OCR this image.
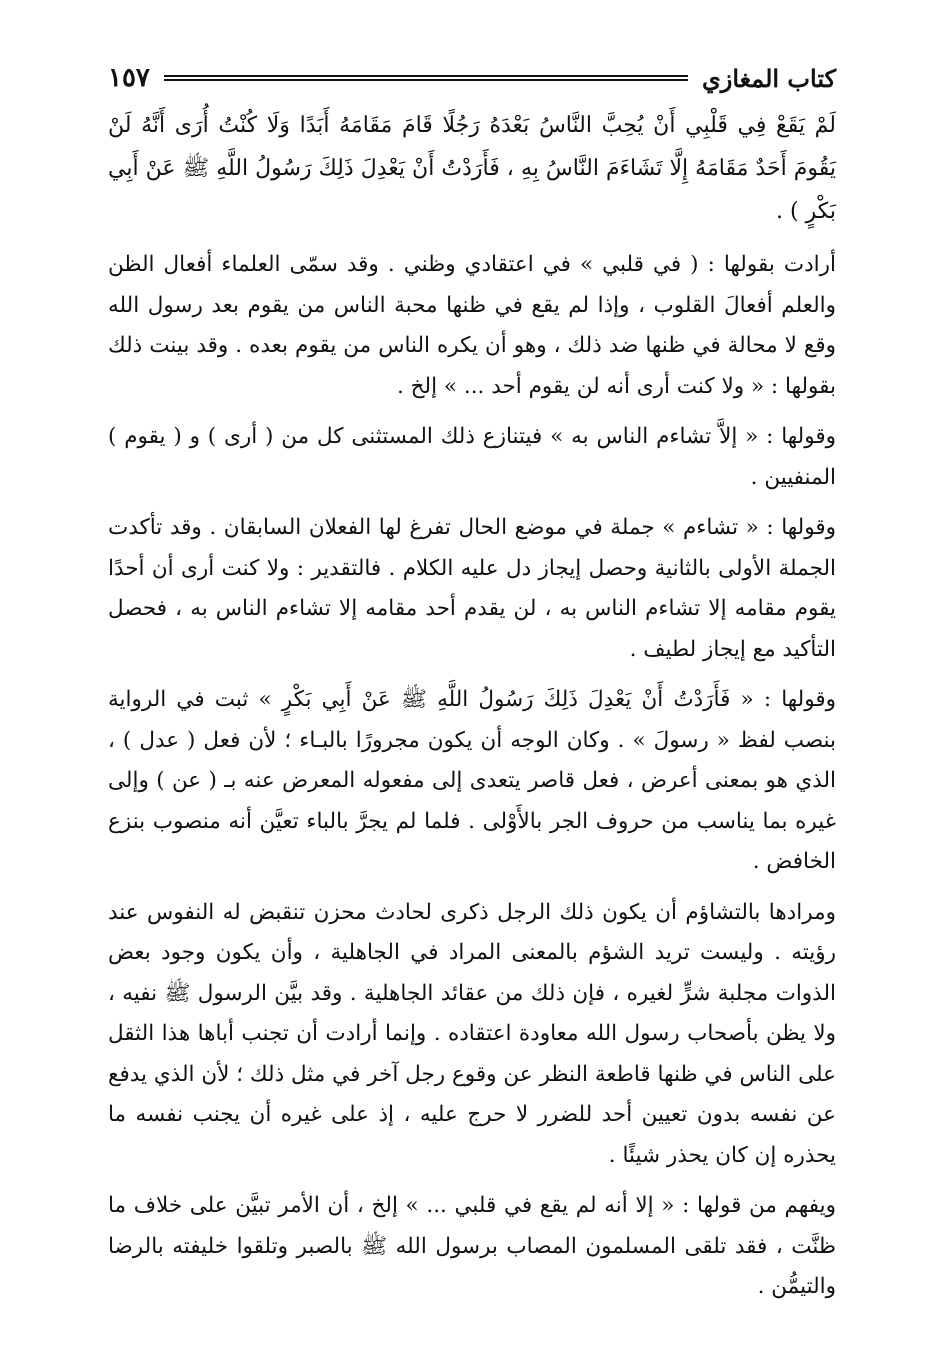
كتاب المغازي
١٥٧

لَمْ يَقَعْ فِي قَلْبِي أَنْ يُحِبَّ النَّاسُ بَعْدَهُ رَجُلًا قَامَ مَقَامَهُ أَبَدًا وَلَا كُنْتُ أُرَى أَنَّهُ لَنْ يَقُومَ أَحَدٌ مَقَامَهُ إِلَّا تَشَاءَمَ النَّاسُ بِهِ ، فَأَرَدْتُ أَنْ يَعْدِلَ ذَلِكَ رَسُولُ اللَّهِ ﷺ عَنْ أَبِي بَكْرٍ ) .

أرادت بقولها : ( في قلبي » في اعتقادي وظني . وقد سمّى العلماء أفعال الظن والعلم أفعالَ القلوب ، وإذا لم يقع في ظنها محبة الناس من يقوم بعد رسول الله وقع لا محالة في ظنها ضد ذلك ، وهو أن يكره الناس من يقوم بعده . وقد بينت ذلك بقولها : « ولا كنت أرى أنه لن يقوم أحد ... » إلخ .

وقولها : « إلاَّ تشاءم الناس به » فيتنازع ذلك المستثنى كل من ( أرى ) و ( يقوم ) المنفيين .

وقولها : « تشاءم » جملة في موضع الحال تفرغ لها الفعلان السابقان . وقد تأكدت الجملة الأولى بالثانية وحصل إيجاز دل عليه الكلام . فالتقدير : ولا كنت أرى أن أحدًا يقوم مقامه إلا تشاءم الناس به ، لن يقدم أحد مقامه إلا تشاءم الناس به ، فحصل التأكيد مع إيجاز لطيف .

وقولها : « فَأَرَدْتُ أَنْ يَعْدِلَ ذَلِكَ رَسُولُ اللَّهِ ﷺ عَنْ أَبِي بَكْرٍ » ثبت في الرواية بنصب لفظ « رسولَ » . وكان الوجه أن يكون مجرورًا بالبـاء ؛ لأن فعل ( عدل ) ، الذي هو بمعنى أعرض ، فعل قاصر يتعدى إلى مفعوله المعرض عنه بـ ( عن ) وإلى غيره بما يناسب من حروف الجر بالأَوْلى . فلما لم يجرَّ بالباء تعيَّن أنه منصوب بنزع الخافض .

ومرادها بالتشاؤم أن يكون ذلك الرجل ذكرى لحادث محزن تنقبض له النفوس عند رؤيته . وليست تريد الشؤم بالمعنى المراد في الجاهلية ، وأن يكون وجود بعض الذوات مجلبة شرٍّ لغيره ، فإن ذلك من عقائد الجاهلية . وقد بيَّن الرسول ﷺ نفيه ، ولا يظن بأصحاب رسول الله معاودة اعتقاده . وإنما أرادت أن تجنب أباها هذا الثقل على الناس في ظنها قاطعة النظر عن وقوع رجل آخر في مثل ذلك ؛ لأن الذي يدفع عن نفسه بدون تعيين أحد للضرر لا حرج عليه ، إذ على غيره أن يجنب نفسه ما يحذره إن كان يحذر شيئًا .

ويفهم من قولها : « إلا أنه لم يقع في قلبي ... » إلخ ، أن الأمر تبيَّن على خلاف ما ظنَّت ، فقد تلقى المسلمون المصاب برسول الله ﷺ بالصبر وتلقوا خليفته بالرضا والتيمُّن .
